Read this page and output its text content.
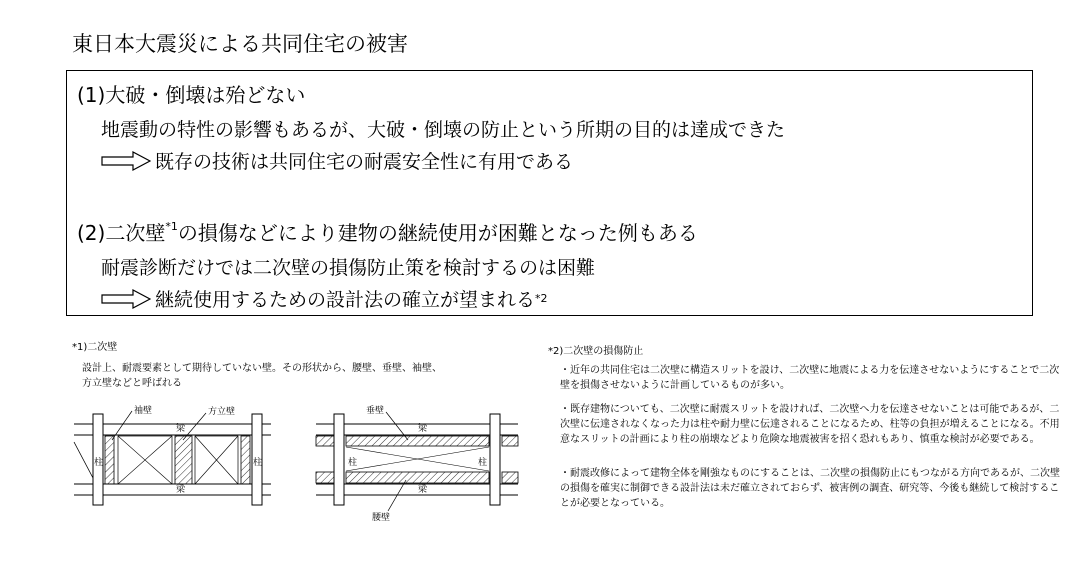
東日本大震災による共同住宅の被害
(1)大破・倒壊は殆どない
地震動の特性の影響もあるが、大破・倒壊の防止という所期の目的は達成できた
既存の技術は共同住宅の耐震安全性に有用である
(2)二次壁$^{*1}$の損傷などにより建物の継続使用が困難となった例もある
耐震診断だけでは二次壁の損傷防止策を検討するのは困難
継続使用するための設計法の確立が望まれる *2
*1)二次壁
設計上、耐震要素として期待していない壁。その形状から、腰壁、垂壁、袖壁、
方立壁などと呼ばれる
袖壁	方立壁
梁
梁
柱	柱
垂壁
梁
梁
柱	柱
腰壁
*2)二次壁の損傷防止
・近年の共同住宅は二次壁に構造スリットを設け、二次壁に地震による力を伝達させないようにすることで二次壁を損傷させないように計画しているものが多い。
・既存建物についても、二次壁に耐震スリットを設ければ、二次壁へ力を伝達させないことは可能であるが、二次壁に伝達されなくなった力は柱や耐力壁に伝達されることになるため、柱等の負担が増えることになる。不用意なスリットの計画により柱の崩壊などより危険な地震被害を招く恐れもあり、慎重な検討が必要である。
・耐震改修によって建物全体を剛強なものにすることは、二次壁の損傷防止にもつながる方向であるが、二次壁の損傷を確実に制御できる設計法は未だ確立されておらず、被害例の調査、研究等、今後も継続して検討することが必要となっている。
